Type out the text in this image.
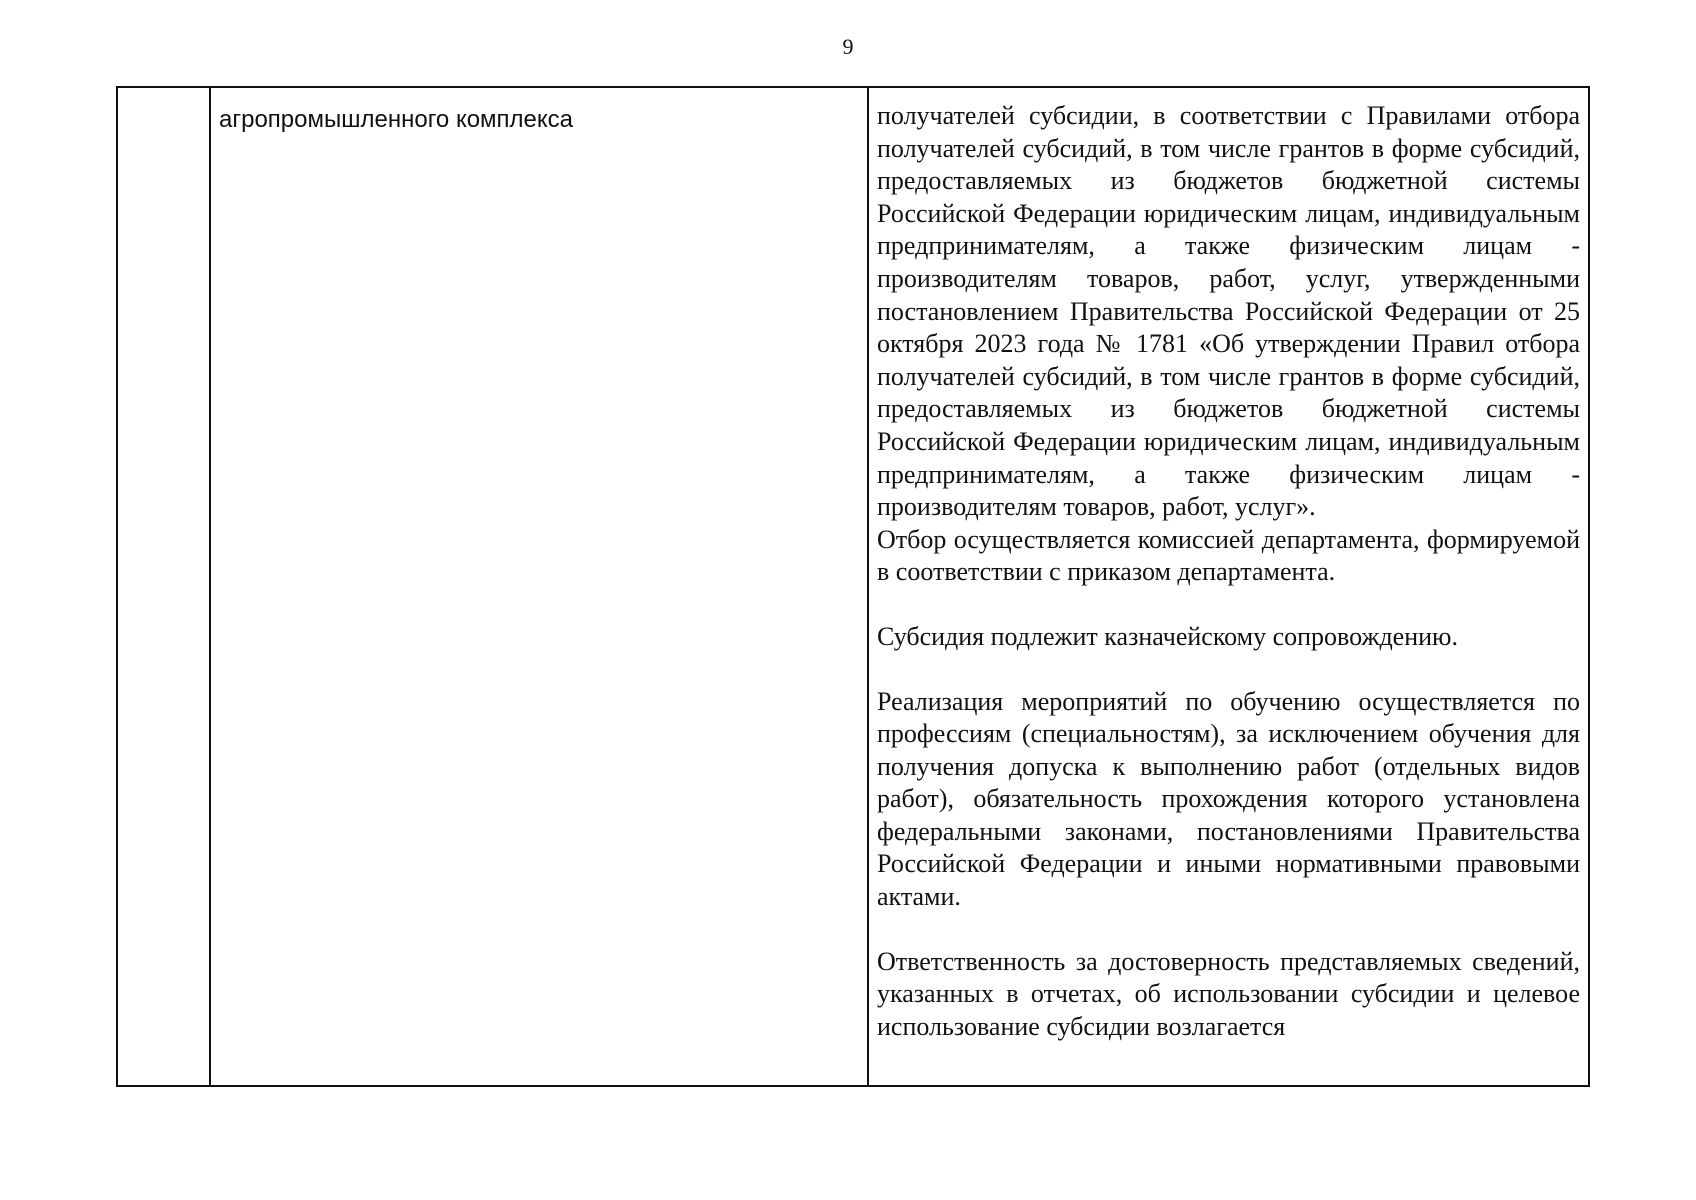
9

агропромышленного комплекса	получателей субсидии, в соответствии с Правилами отбора получателей субсидий, в том числе грантов в форме субсидий, предоставляемых из бюджетов бюджетной системы Российской Федерации юридическим лицам, индивидуальным предпринимателям, а также физическим лицам - производителям товаров, работ, услуг, утвержденными постановлением Правительства Российской Федерации от 25 октября 2023 года № 1781 «Об утверждении Правил отбора получателей субсидий, в том числе грантов в форме субсидий, предоставляемых из бюджетов бюджетной системы Российской Федерации юридическим лицам, индивидуальным предпринимателям, а также физическим лицам - производителям товаров, работ, услуг».

Отбор осуществляется комиссией департамента, формируемой в соответствии с приказом департамента.

Субсидия подлежит казначейскому сопровождению.

Реализация мероприятий по обучению осуществляется по профессиям (специальностям), за исключением обучения для получения допуска к выполнению работ (отдельных видов работ), обязательность прохождения которого установлена федеральными законами, постановлениями Правительства Российской Федерации и иными нормативными правовыми актами.

Ответственность за достоверность представляемых сведений, указанных в отчетах, об использовании субсидии и целевое использование субсидии возлагается
